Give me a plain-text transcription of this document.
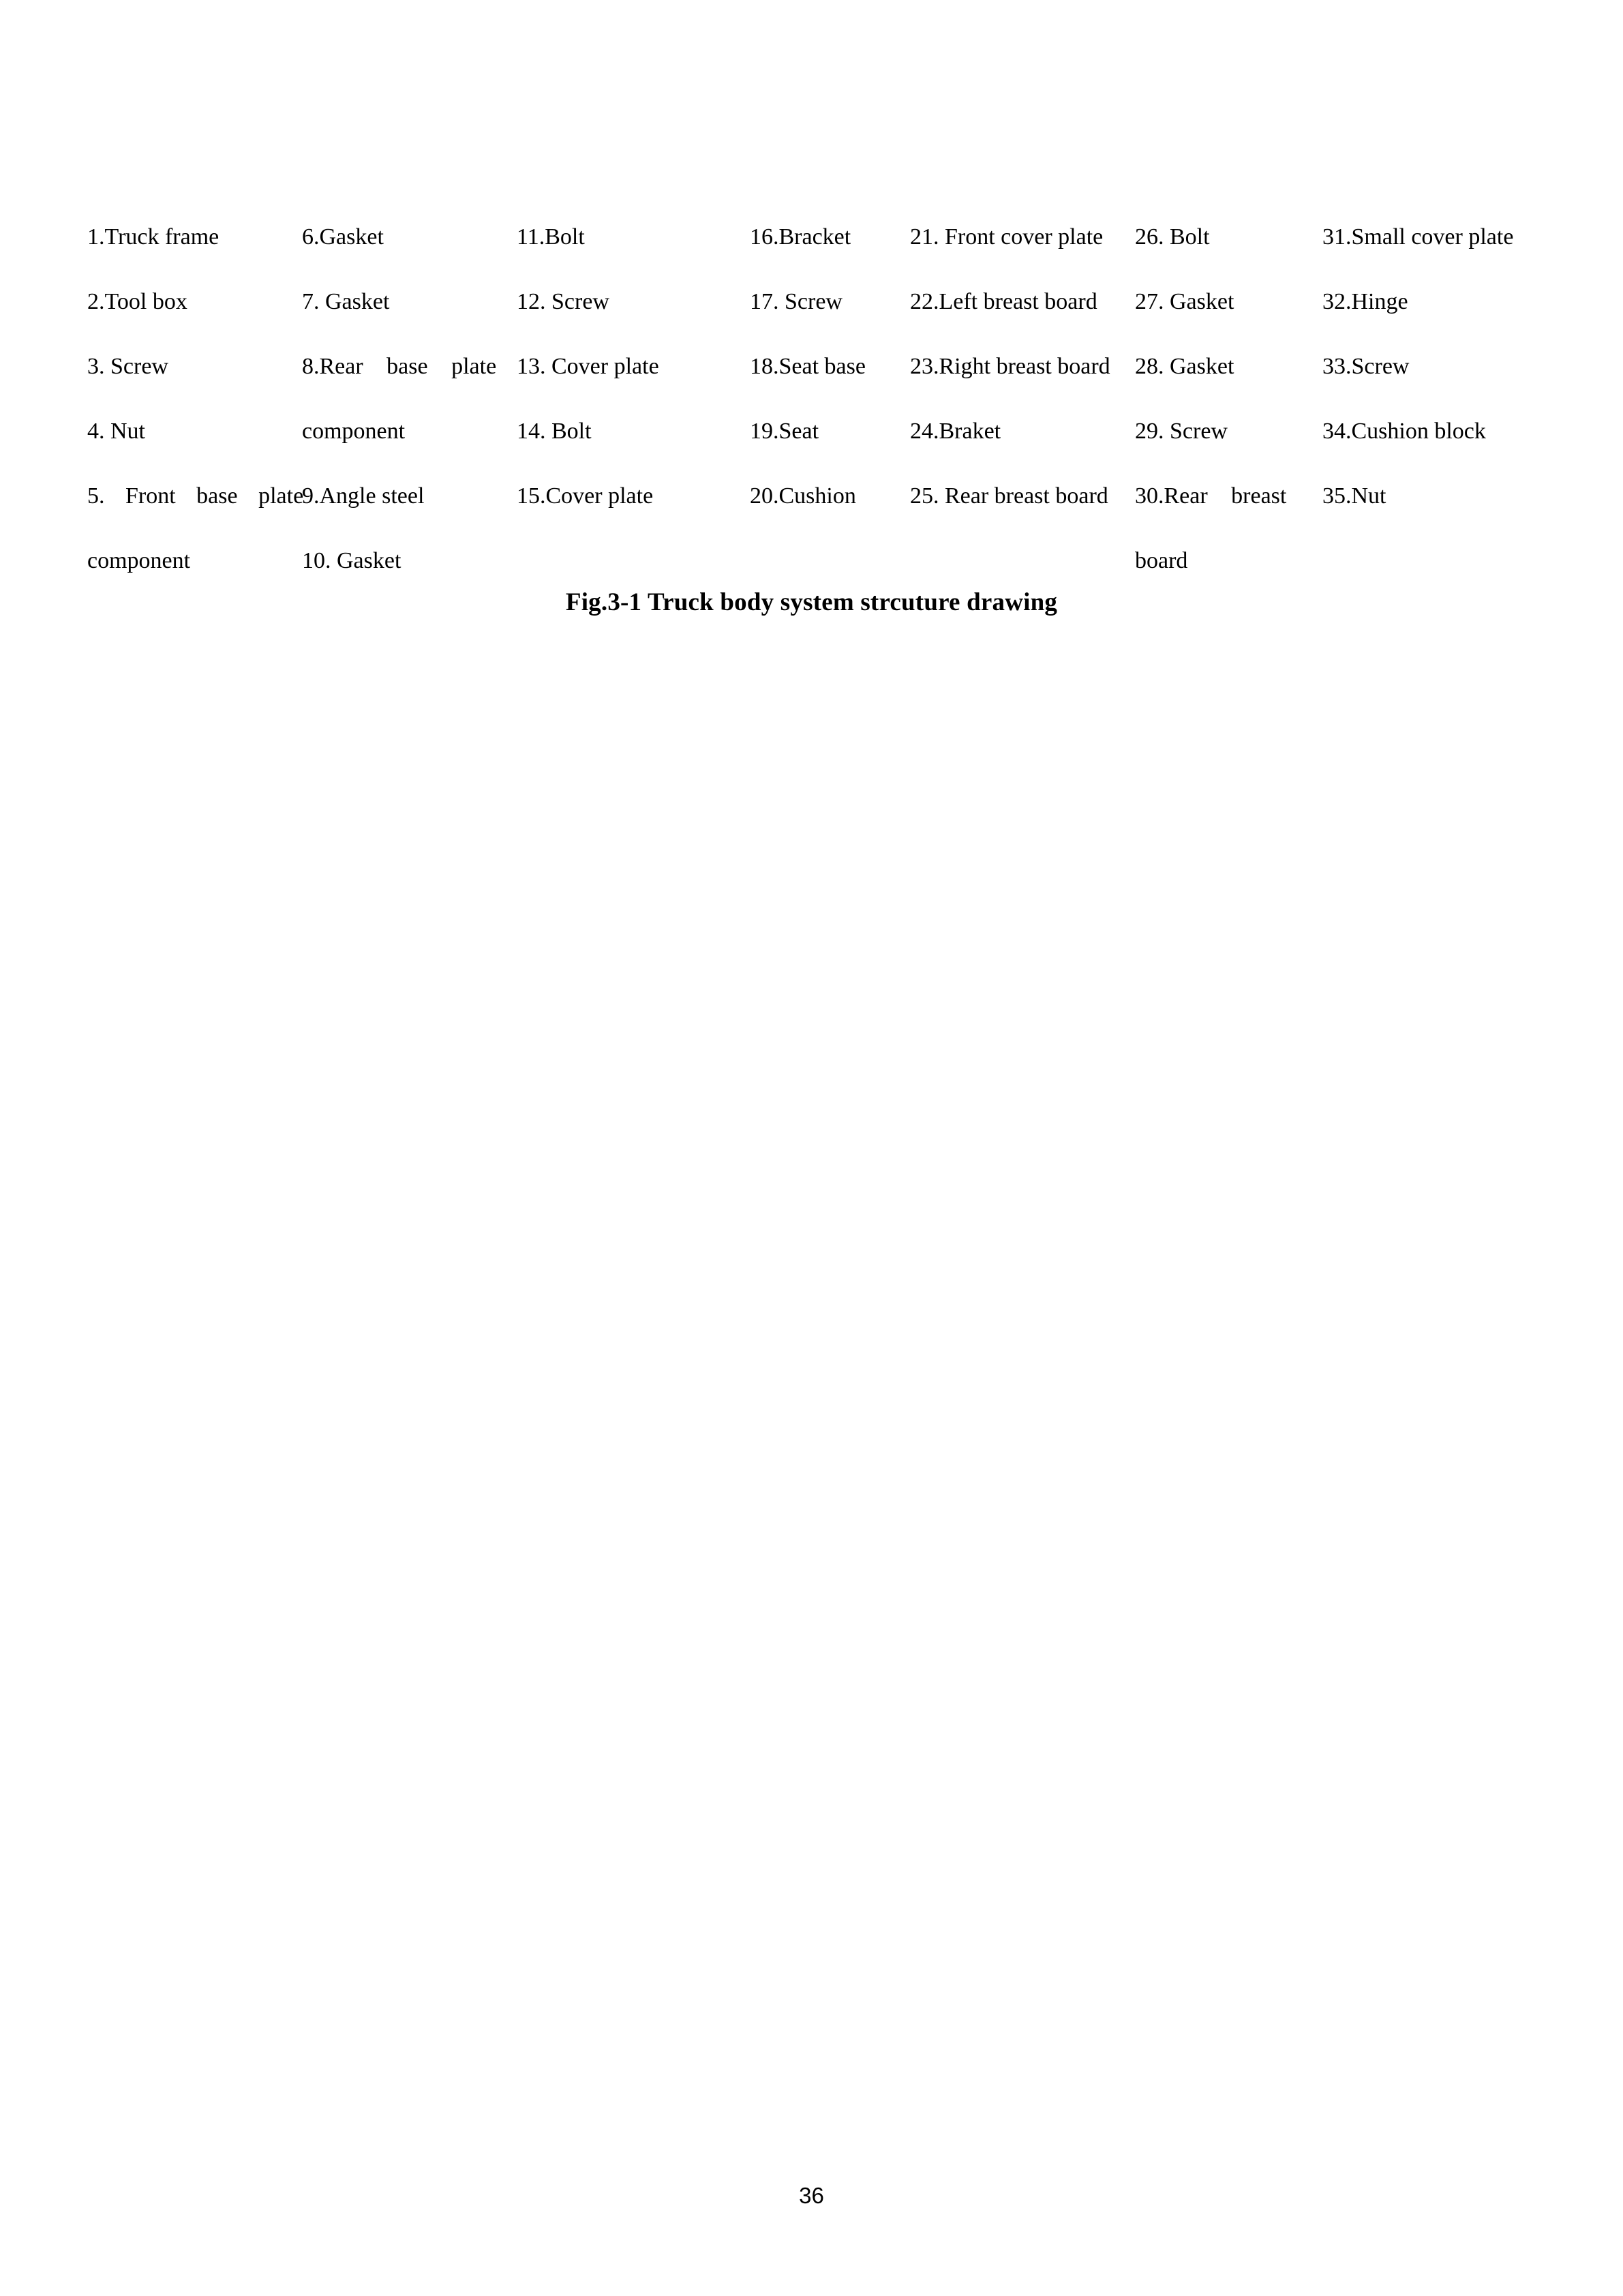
1.Truck frame
2.Tool box
3. Screw
4. Nut
5. Front base plate
component
6.Gasket
7. Gasket
8.Rear base plate
component
9.Angle steel
10. Gasket
11.Bolt
12. Screw
13. Cover plate
14. Bolt
15.Cover plate
16.Bracket
17. Screw
18.Seat base
19.Seat
20.Cushion
21. Front cover plate
22.Left breast board
23.Right breast board
24.Braket
25. Rear breast board
26. Bolt
27. Gasket
28. Gasket
29. Screw
30.Rear breast
board
31.Small cover plate
32.Hinge
33.Screw
34.Cushion block
35.Nut
Fig.3-1 Truck body system strcuture drawing
36
